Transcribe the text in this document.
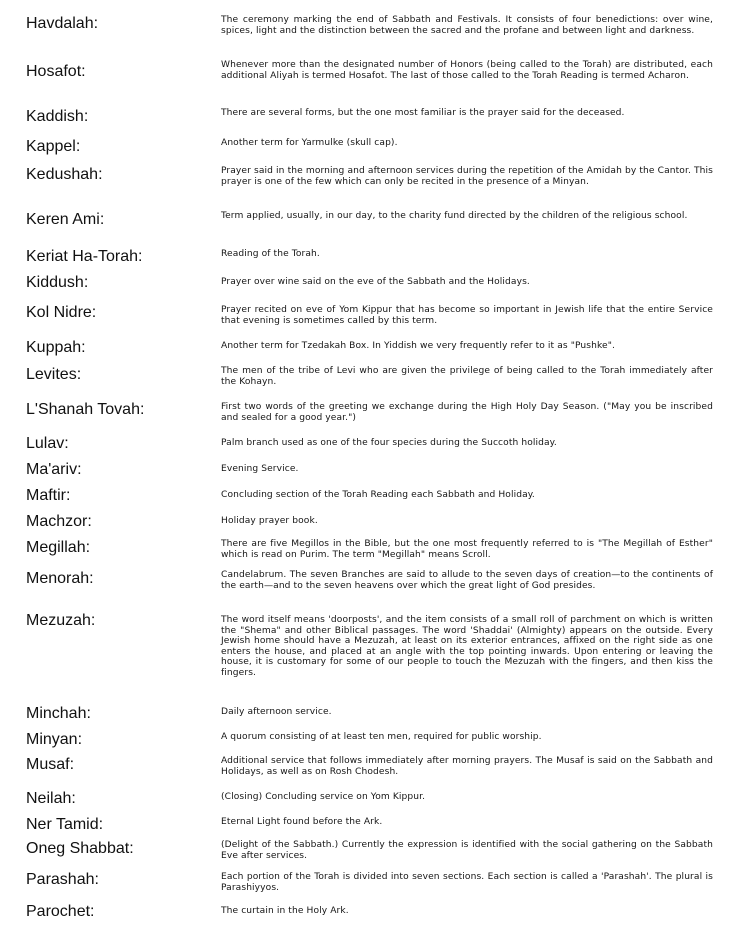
Havdalah:	The ceremony marking the end of Sabbath and Festivals. It consists of four benedictions: over wine, spices, light and the distinction between the sacred and the profane and between light and darkness.
Hosafot:	Whenever more than the designated number of Honors (being called to the Torah) are distributed, each additional Aliyah is termed Hosafot. The last of those called to the Torah Reading is termed Acharon.
Kaddish:	There are several forms, but the one most familiar is the prayer said for the deceased.
Kappel:	Another term for Yarmulke (skull cap).
Kedushah:	Prayer said in the morning and afternoon services during the repetition of the Amidah by the Cantor. This prayer is one of the few which can only be recited in the presence of a Minyan.
Keren Ami:	Term applied, usually, in our day, to the charity fund directed by the children of the religious school.
Keriat Ha-Torah:	Reading of the Torah.
Kiddush:	Prayer over wine said on the eve of the Sabbath and the Holidays.
Kol Nidre:	Prayer recited on eve of Yom Kippur that has become so important in Jewish life that the entire Service that evening is sometimes called by this term.
Kuppah:	Another term for Tzedakah Box. In Yiddish we very frequently refer to it as "Pushke".
Levites:	The men of the tribe of Levi who are given the privilege of being called to the Torah immediately after the Kohayn.
L'Shanah Tovah:	First two words of the greeting we exchange during the High Holy Day Season. ("May you be inscribed and sealed for a good year.")
Lulav:	Palm branch used as one of the four species during the Succoth holiday.
Ma'ariv:	Evening Service.
Maftir:	Concluding section of the Torah Reading each Sabbath and Holiday.
Machzor:	Holiday prayer book.
Megillah:	There are five Megillos in the Bible, but the one most frequently referred to is "The Megillah of Esther" which is read on Purim. The term "Megillah" means Scroll.
Menorah:	Candelabrum. The seven Branches are said to allude to the seven days of creation—to the continents of the earth—and to the seven heavens over which the great light of God presides.
Mezuzah:	The word itself means 'doorposts', and the item consists of a small roll of parchment on which is written the "Shema" and other Biblical passages. The word 'Shaddai' (Almighty) appears on the outside. Every Jewish home should have a Mezuzah, at least on its exterior entrances, affixed on the right side as one enters the house, and placed at an angle with the top pointing inwards. Upon entering or leaving the house, it is customary for some of our people to touch the Mezuzah with the fingers, and then kiss the fingers.
Minchah:	Daily afternoon service.
Minyan:	A quorum consisting of at least ten men, required for public worship.
Musaf:	Additional service that follows immediately after morning prayers. The Musaf is said on the Sabbath and Holidays, as well as on Rosh Chodesh.
Neilah:	(Closing) Concluding service on Yom Kippur.
Ner Tamid:	Eternal Light found before the Ark.
Oneg Shabbat:	(Delight of the Sabbath.) Currently the expression is identified with the social gathering on the Sabbath Eve after services.
Parashah:	Each portion of the Torah is divided into seven sections. Each section is called a 'Parashah'. The plural is Parashiyyos.
Parochet:	The curtain in the Holy Ark.
